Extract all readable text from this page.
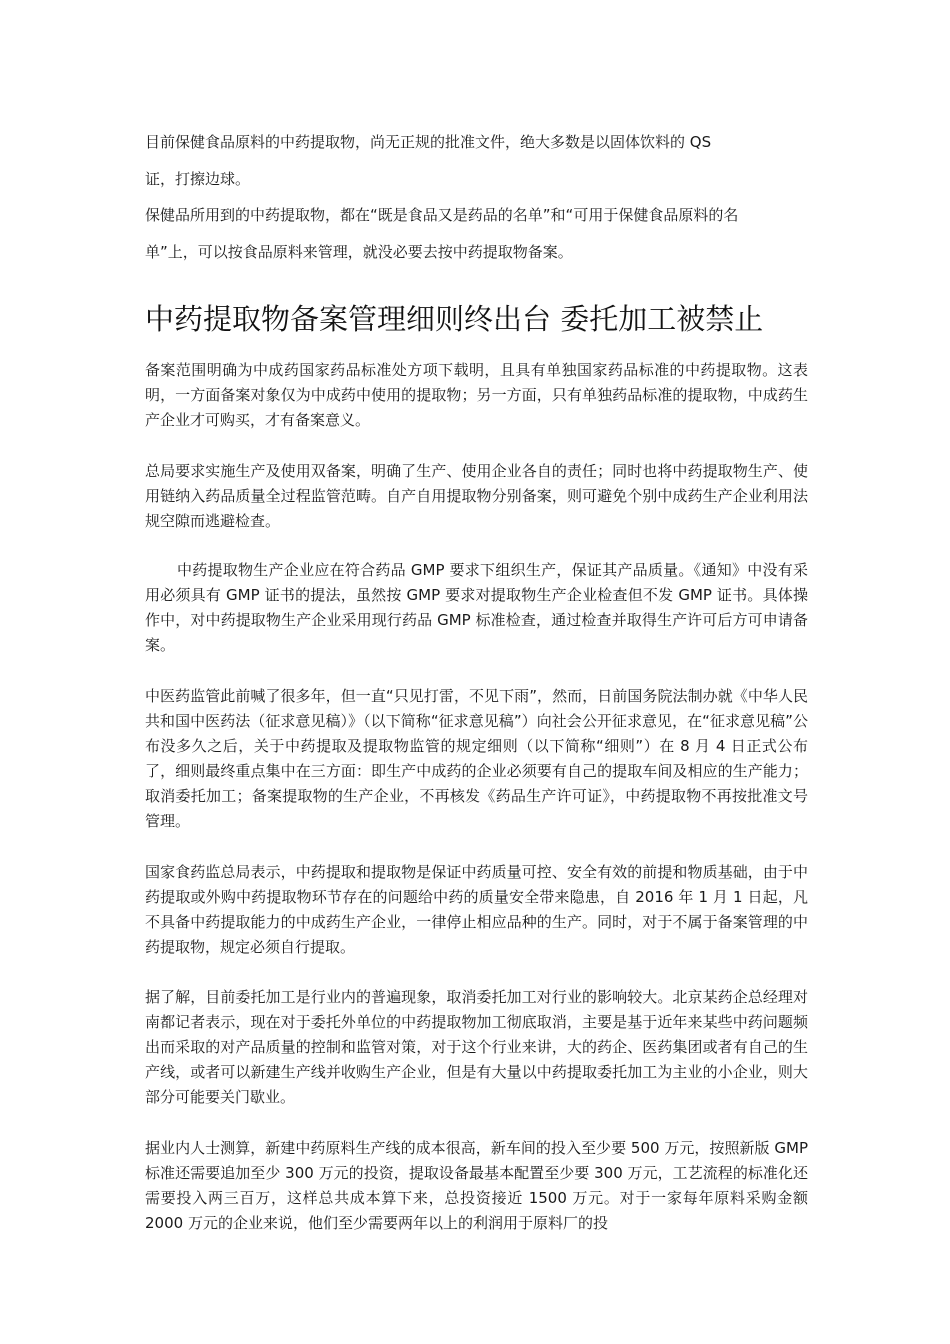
目前保健食品原料的中药提取物，尚无正规的批准文件，绝大多数是以固体饮料的 QS
证，打擦边球。
保健品所用到的中药提取物，都在“既是食品又是药品的名单”和“可用于保健食品原料的名
单”上，可以按食品原料来管理，就没必要去按中药提取物备案。
中药提取物备案管理细则终出台 委托加工被禁止

备案范围明确为中成药国家药品标准处方项下载明，且具有单独国家药品标准的中药提取物。这表明，一方面备案对象仅为中成药中使用的提取物；另一方面，只有单独药品标准的提取物，中成药生产企业才可购买，才有备案意义。

总局要求实施生产及使用双备案，明确了生产、使用企业各自的责任；同时也将中药提取物生产、使用链纳入药品质量全过程监管范畴。自产自用提取物分别备案，则可避免个别中成药生产企业利用法规空隙而逃避检查。

中药提取物生产企业应在符合药品 GMP 要求下组织生产，保证其产品质量。《通知》中没有采用必须具有 GMP 证书的提法，虽然按 GMP 要求对提取物生产企业检查但不发 GMP 证书。具体操作中，对中药提取物生产企业采用现行药品 GMP 标准检查，通过检查并取得生产许可后方可申请备案。

中医药监管此前喊了很多年，但一直“只见打雷，不见下雨”，然而，日前国务院法制办就《中华人民共和国中医药法（征求意见稿）》（以下简称“征求意见稿”）向社会公开征求意见，在“征求意见稿”公布没多久之后，关于中药提取及提取物监管的规定细则（以下简称“细则”）在 8 月 4 日正式公布了，细则最终重点集中在三方面：即生产中成药的企业必须要有自己的提取车间及相应的生产能力；取消委托加工；备案提取物的生产企业，不再核发《药品生产许可证》，中药提取物不再按批准文号管理。

国家食药监总局表示，中药提取和提取物是保证中药质量可控、安全有效的前提和物质基础，由于中药提取或外购中药提取物环节存在的问题给中药的质量安全带来隐患，自 2016 年 1 月 1 日起，凡不具备中药提取能力的中成药生产企业，一律停止相应品种的生产。同时，对于不属于备案管理的中药提取物，规定必须自行提取。

据了解，目前委托加工是行业内的普遍现象，取消委托加工对行业的影响较大。北京某药企总经理对南都记者表示，现在对于委托外单位的中药提取物加工彻底取消，主要是基于近年来某些中药问题频出而采取的对产品质量的控制和监管对策，对于这个行业来讲，大的药企、医药集团或者有自己的生产线，或者可以新建生产线并收购生产企业，但是有大量以中药提取委托加工为主业的小企业，则大部分可能要关门歇业。

据业内人士测算，新建中药原料生产线的成本很高，新车间的投入至少要 500 万元，按照新版 GMP 标准还需要追加至少 300 万元的投资，提取设备最基本配置至少要 300 万元，工艺流程的标准化还需要投入两三百万，这样总共成本算下来，总投资接近 1500 万元。对于一家每年原料采购金额 2000 万元的企业来说，他们至少需要两年以上的利润用于原料厂的投
